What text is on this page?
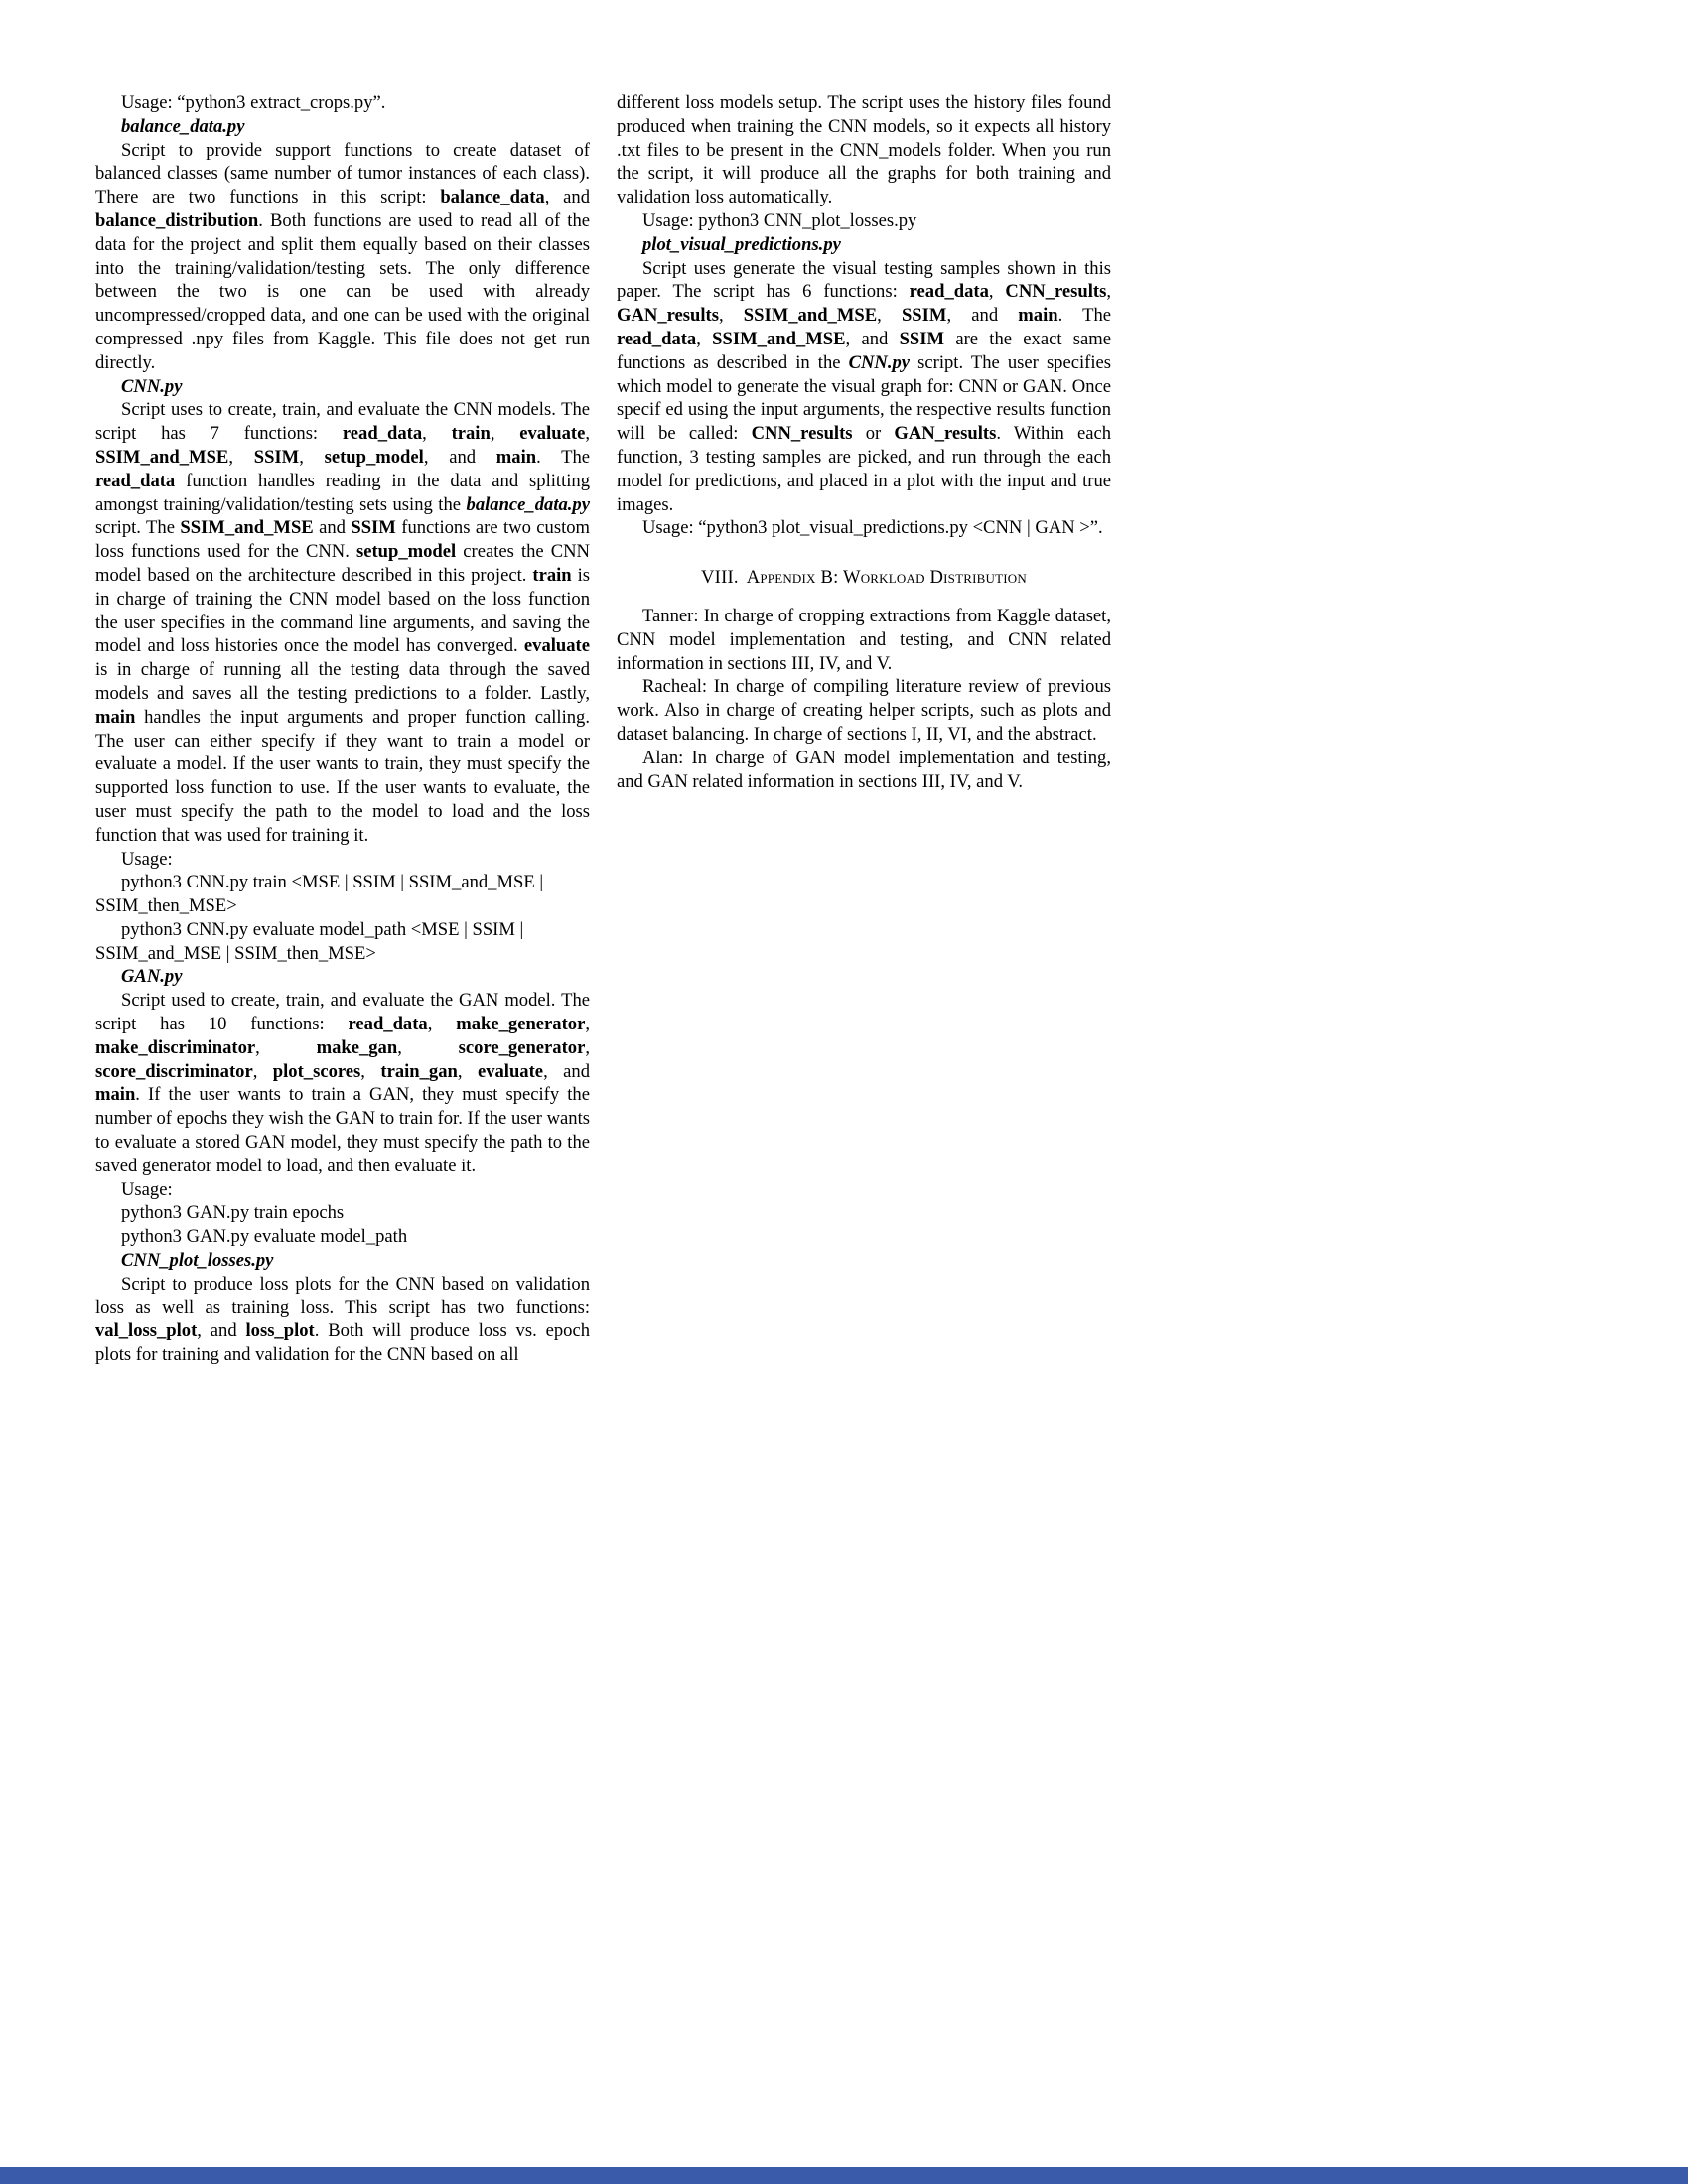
Usage: “python3 extract_crops.py”.

balance_data.py

Script to provide support functions to create dataset of balanced classes (same number of tumor instances of each class). There are two functions in this script: balance_data, and balance_distribution. Both functions are used to read all of the data for the project and split them equally based on their classes into the training/validation/testing sets. The only difference between the two is one can be used with already uncompressed/cropped data, and one can be used with the original compressed .npy files from Kaggle. This file does not get run directly.

CNN.py

Script uses to create, train, and evaluate the CNN models. The script has 7 functions: read_data, train, evaluate, SSIM_and_MSE, SSIM, setup_model, and main. The read_data function handles reading in the data and splitting amongst training/validation/testing sets using the balance_data.py script. The SSIM_and_MSE and SSIM functions are two custom loss functions used for the CNN. setup_model creates the CNN model based on the architecture described in this project. train is in charge of training the CNN model based on the loss function the user specifies in the command line arguments, and saving the model and loss histories once the model has converged. evaluate is in charge of running all the testing data through the saved models and saves all the testing predictions to a folder. Lastly, main handles the input arguments and proper function calling. The user can either specify if they want to train a model or evaluate a model. If the user wants to train, they must specify the supported loss function to use. If the user wants to evaluate, the user must specify the path to the model to load and the loss function that was used for training it.

Usage:

python3 CNN.py train <MSE | SSIM | SSIM_and_MSE | SSIM_then_MSE>

python3 CNN.py evaluate model_path <MSE | SSIM | SSIM_and_MSE | SSIM_then_MSE>

GAN.py

Script used to create, train, and evaluate the GAN model. The script has 10 functions: read_data, make_generator, make_discriminator, make_gan, score_generator, score_discriminator, plot_scores, train_gan, evaluate, and main. If the user wants to train a GAN, they must specify the number of epochs they wish the GAN to train for. If the user wants to evaluate a stored GAN model, they must specify the path to the saved generator model to load, and then evaluate it.

Usage:

python3 GAN.py train epochs

python3 GAN.py evaluate model_path

CNN_plot_losses.py

Script to produce loss plots for the CNN based on validation loss as well as training loss. This script has two functions: val_loss_plot, and loss_plot. Both will produce loss vs. epoch plots for training and validation for the CNN based on all

different loss models setup. The script uses the history files found produced when training the CNN models, so it expects all history .txt files to be present in the CNN_models folder. When you run the script, it will produce all the graphs for both training and validation loss automatically.

Usage: python3 CNN_plot_losses.py

plot_visual_predictions.py

Script uses generate the visual testing samples shown in this paper. The script has 6 functions: read_data, CNN_results, GAN_results, SSIM_and_MSE, SSIM, and main. The read_data, SSIM_and_MSE, and SSIM are the exact same functions as described in the CNN.py script. The user specifies which model to generate the visual graph for: CNN or GAN. Once specif ed using the input arguments, the respective results function will be called: CNN_results or GAN_results. Within each function, 3 testing samples are picked, and run through the each model for predictions, and placed in a plot with the input and true images.

Usage: “python3 plot_visual_predictions.py <CNN | GAN >”.

VIII. Appendix B: Workload Distribution

Tanner: In charge of cropping extractions from Kaggle dataset, CNN model implementation and testing, and CNN related information in sections III, IV, and V.

Racheal: In charge of compiling literature review of previous work. Also in charge of creating helper scripts, such as plots and dataset balancing. In charge of sections I, II, VI, and the abstract.

Alan: In charge of GAN model implementation and testing, and GAN related information in sections III, IV, and V.
